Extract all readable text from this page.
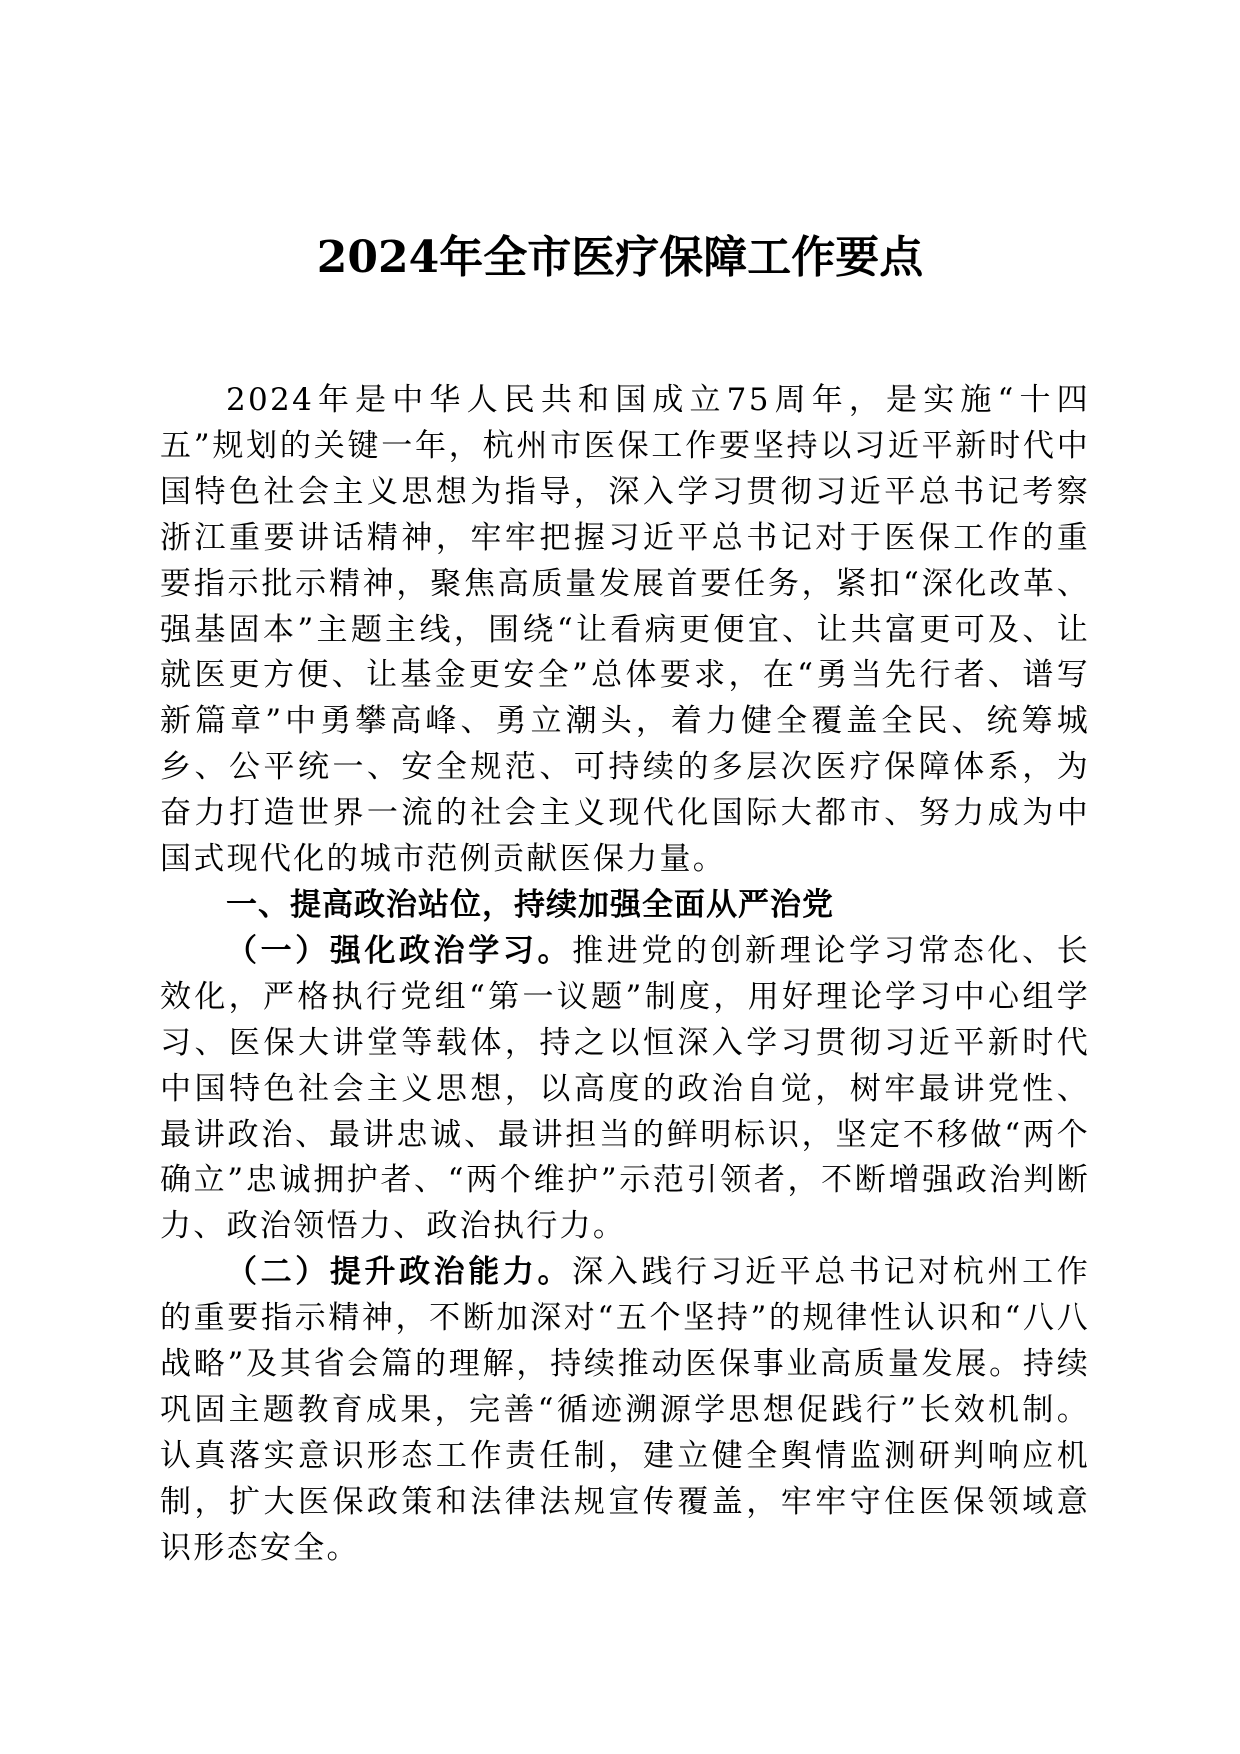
2024年全市医疗保障工作要点

2024年是中华人民共和国成立75周年，是实施“十四五”规划的关键一年，杭州市医保工作要坚持以习近平新时代中国特色社会主义思想为指导，深入学习贯彻习近平总书记考察浙江重要讲话精神，牢牢把握习近平总书记对于医保工作的重要指示批示精神，聚焦高质量发展首要任务，紧扣“深化改革、强基固本”主题主线，围绕“让看病更便宜、让共富更可及、让就医更方便、让基金更安全”总体要求，在“勇当先行者、谱写新篇章”中勇攀高峰、勇立潮头，着力健全覆盖全民、统筹城乡、公平统一、安全规范、可持续的多层次医疗保障体系，为奋力打造世界一流的社会主义现代化国际大都市、努力成为中国式现代化的城市范例贡献医保力量。

一、提高政治站位，持续加强全面从严治党

（一）强化政治学习。推进党的创新理论学习常态化、长效化，严格执行党组“第一议题”制度，用好理论学习中心组学习、医保大讲堂等载体，持之以恒深入学习贯彻习近平新时代中国特色社会主义思想，以高度的政治自觉，树牢最讲党性、最讲政治、最讲忠诚、最讲担当的鲜明标识，坚定不移做“两个确立”忠诚拥护者、“两个维护”示范引领者，不断增强政治判断力、政治领悟力、政治执行力。

（二）提升政治能力。深入践行习近平总书记对杭州工作的重要指示精神，不断加深对“五个坚持”的规律性认识和“八八战略”及其省会篇的理解，持续推动医保事业高质量发展。持续巩固主题教育成果，完善“循迹溯源学思想促践行”长效机制。认真落实意识形态工作责任制，建立健全舆情监测研判响应机制，扩大医保政策和法律法规宣传覆盖，牢牢守住医保领域意识形态安全。
